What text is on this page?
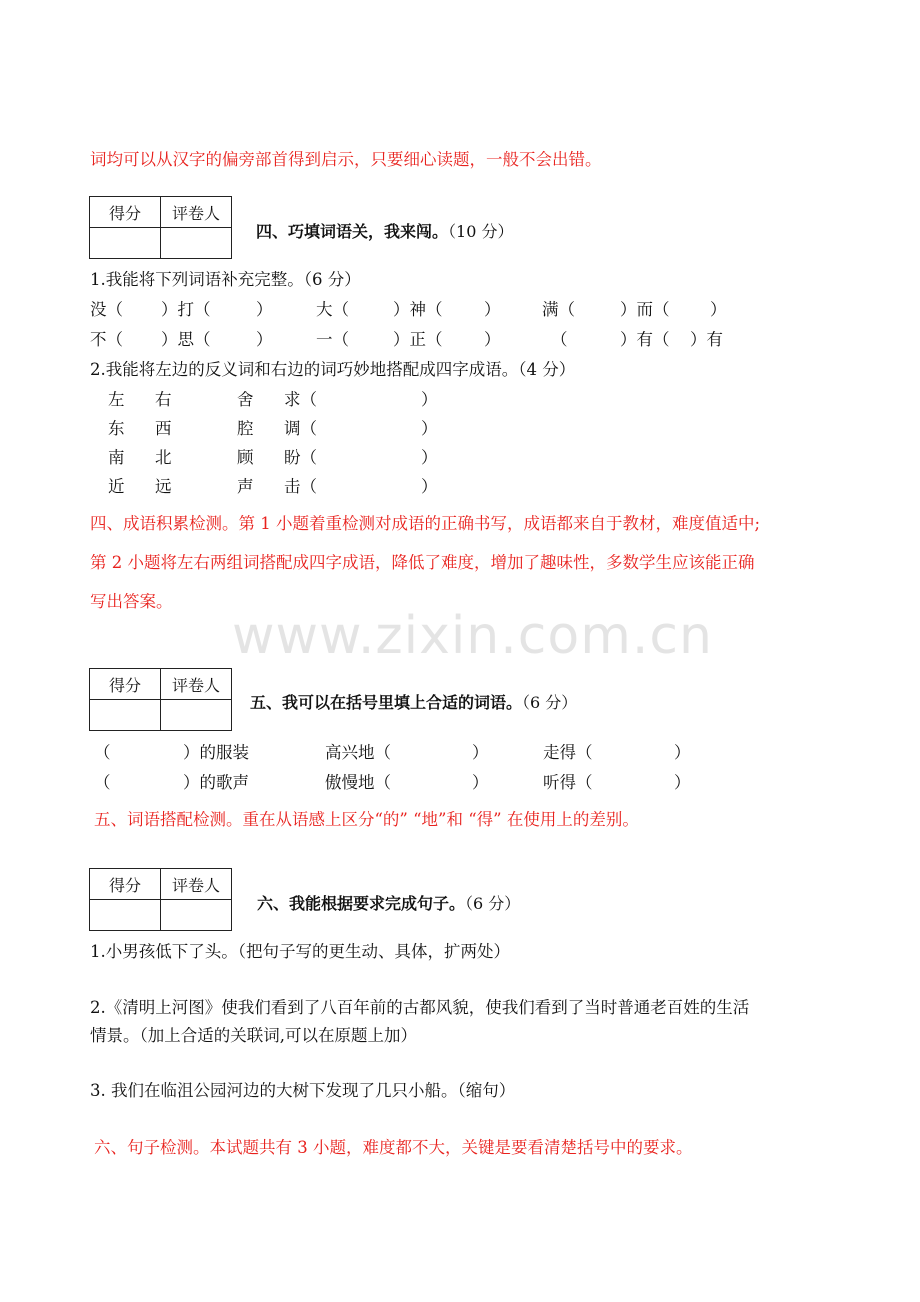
www.zixin.com.cn
词均可以从汉字的偏旁部首得到启示，只要细心读题，一般不会出错。
得分	评卷人

四、巧填词语关，我来闯。（10 分）
1.我能将下列词语补充完整。（6 分）
没（ ）打（	）	大（	）神（	）	满（	）而（ ）
不（ ）思（	）	一（	）正（	）	（	）有（ ）有
2.我能将左边的反义词和右边的词巧妙地搭配成四字成语。（4 分）
左 右	舍 求（	）
东 西	腔 调（	）
南 北	顾 盼（	）
近 远	声 击（	）
四、成语积累检测。第 1 小题着重检测对成语的正确书写，成语都来自于教材，难度值适中;
第 2 小题将左右两组词搭配成四字成语，降低了难度，增加了趣味性，多数学生应该能正确
写出答案。
得分	评卷人

五、我可以在括号里填上合适的词语。（6 分）
（	）的服装	高兴地（	）	走得（	）
（	）的歌声	傲慢地（	）	听得（	）
五、词语搭配检测。重在从语感上区分“的” “地”和 “得” 在使用上的差别。
得分	评卷人

六、我能根据要求完成句子。（6 分）
1.小男孩低下了头。（把句子写的更生动、具体，扩两处）
2.《清明上河图》使我们看到了八百年前的古都风貌，使我们看到了当时普通老百姓的生活
情景。（加上合适的关联词,可以在原题上加）
3. 我们在临沮公园河边的大树下发现了几只小船。（缩句）
六、句子检测。本试题共有 3 小题，难度都不大，关键是要看清楚括号中的要求。
